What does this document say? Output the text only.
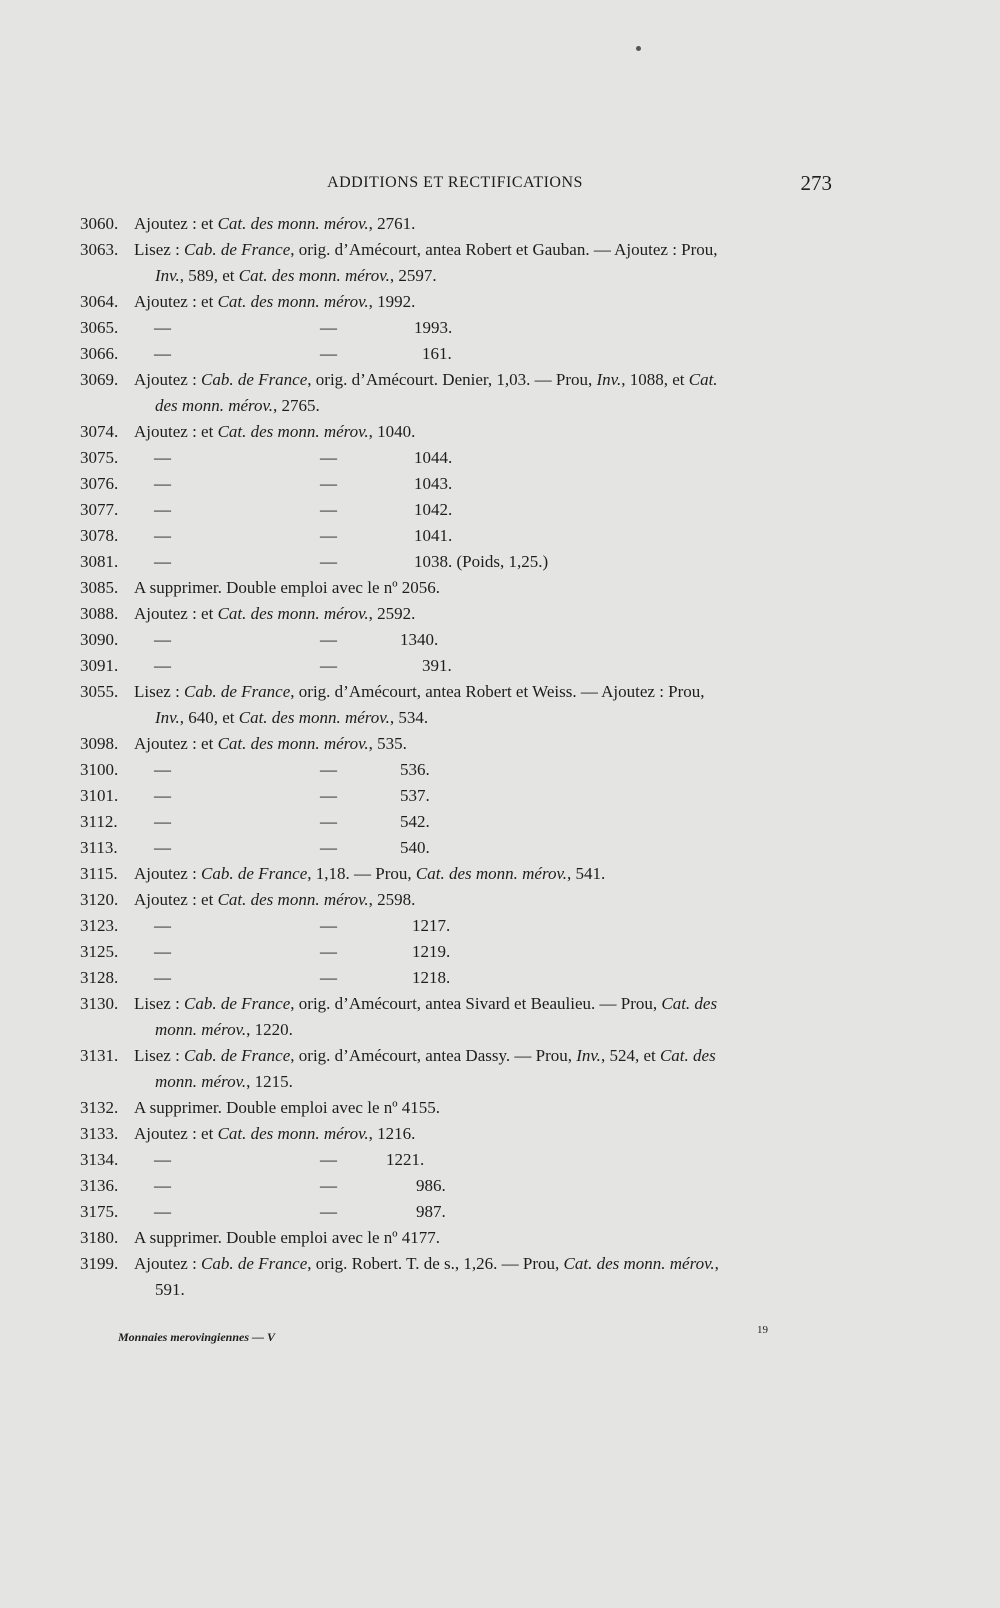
ADDITIONS ET RECTIFICATIONS	273
3060. Ajoutez : et Cat. des monn. mérov., 2761.
3063. Lisez : Cab. de France, orig. d’Amécourt, antea Robert et Gauban. — Ajoutez : Prou,
Inv., 589, et Cat. des monn. mérov., 2597.
3064. Ajoutez : et Cat. des monn. mérov., 1992.
3065. —	—	1993.
3066. —	—	161.
3069. Ajoutez : Cab. de France, orig. d’Amécourt. Denier, 1,03. — Prou, Inv., 1088, et Cat.
des monn. mérov., 2765.
3074. Ajoutez : et Cat. des monn. mérov., 1040.
3075. —	—	1044.
3076. —	—	1043.
3077. —	—	1042.
3078. —	—	1041.
3081. —	—	1038. (Poids, 1,25.)
3085. A supprimer. Double emploi avec le nº 2056.
3088. Ajoutez : et Cat. des monn. mérov., 2592.
3090. —	—	1340.
3091. —	—	391.
3055. Lisez : Cab. de France, orig. d’Amécourt, antea Robert et Weiss. — Ajoutez : Prou,
Inv., 640, et Cat. des monn. mérov., 534.
3098. Ajoutez : et Cat. des monn. mérov., 535.
3100. —	—	536.
3101. —	—	537.
3112. —	—	542.
3113. —	—	540.
3115. Ajoutez : Cab. de France, 1,18. — Prou, Cat. des monn. mérov., 541.
3120. Ajoutez : et Cat. des monn. mérov., 2598.
3123. —	—	1217.
3125. —	—	1219.
3128. —	—	1218.
3130. Lisez : Cab. de France, orig. d’Amécourt, antea Sivard et Beaulieu. — Prou, Cat. des
monn. mérov., 1220.
3131. Lisez : Cab. de France, orig. d’Amécourt, antea Dassy. — Prou, Inv., 524, et Cat. des
monn. mérov., 1215.
3132. A supprimer. Double emploi avec le nº 4155.
3133. Ajoutez : et Cat. des monn. mérov., 1216.
3134. —	—	1221.
3136. —	—	986.
3175. —	—	987.
3180. A supprimer. Double emploi avec le nº 4177.
3199. Ajoutez : Cab. de France, orig. Robert. T. de s., 1,26. — Prou, Cat. des monn. mérov.,
591.
Monnaies merovingiennes — V	19
